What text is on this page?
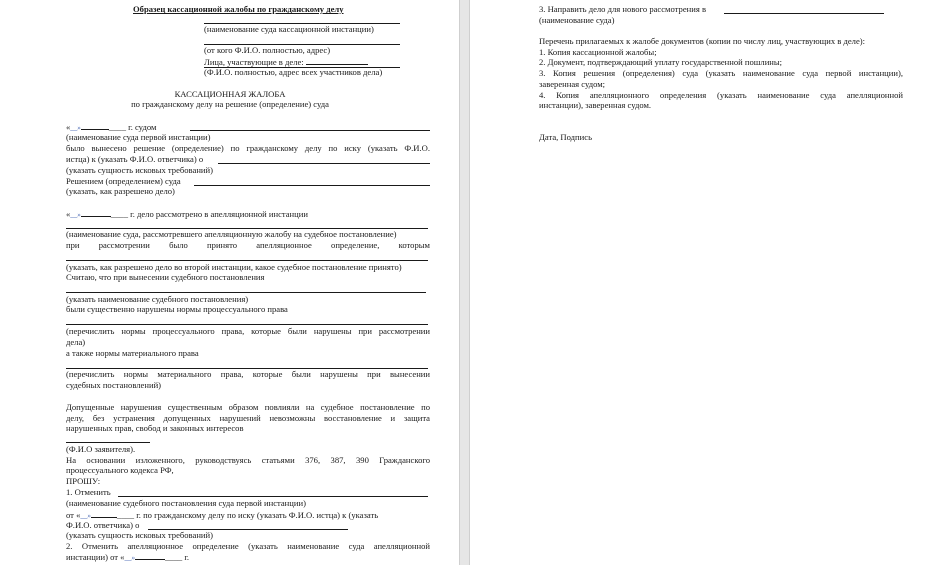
Образец кассационной жалобы по гражданскому делу
(наименование суда кассационной инстанции)
(от кого Ф.И.О. полностью, адрес)
Лица, участвующие в деле:
(Ф.И.О. полностью, адрес всех участников дела)
КАССАЦИОННАЯ ЖАЛОБА
по гражданскому делу на решение (определение) суда
«__»	____ г. судом
(наименование суда первой инстанции)
было вынесено решение (определение) по гражданскому делу по иску (указать Ф.И.О.
истца) к (указать Ф.И.О. ответчика) о
(указать сущность исковых требований)
Решением (определением) суда
(указать, как разрешено дело)
«__»	____ г. дело рассмотрено в апелляционной инстанции
(наименование суда, рассмотревшего апелляционную жалобу на судебное постановление)
при рассмотрении было принято апелляционное определение, которым
(указать, как разрешено дело во второй инстанции, какое судебное постановление принято)
Считаю, что при вынесении судебного постановления
(указать наименование судебного постановления)
были существенно нарушены нормы процессуального права
(перечислить нормы процессуального права, которые были нарушены при рассмотрении
дела)
а также нормы материального права
(перечислить нормы материального права, которые были нарушены при вынесении
судебных постановлений)
Допущенные нарушения существенным образом повлияли на судебное постановление по
делу, без устранения допущенных нарушений невозможны восстановление и защита
нарушенных прав, свобод и законных интересов
(Ф.И.О заявителя).
На основании изложенного, руководствуясь статьями 376, 387, 390 Гражданского
процессуального кодекса РФ,
ПРОШУ:
1. Отменить
(наименование судебного постановления суда первой инстанции)
от «__»	____ г. по гражданскому делу по иску (указать Ф.И.О. истца) к (указать
Ф.И.О. ответчика) о
(указать сущность исковых требований)
2. Отменить апелляционное определение (указать наименование суда апелляционной
инстанции) от «__»	____ г.
3. Направить дело для нового рассмотрения в
(наименование суда)
Перечень прилагаемых к жалобе документов (копии по числу лиц, участвующих в деле):
1. Копия кассационной жалобы;
2. Документ, подтверждающий уплату государственной пошлины;
3. Копия решения (определения) суда (указать наименование суда первой инстанции),
заверенная судом;
4. Копия апелляционного определения (указать наименование суда апелляционной
инстанции), заверенная судом.
Дата, Подпись
